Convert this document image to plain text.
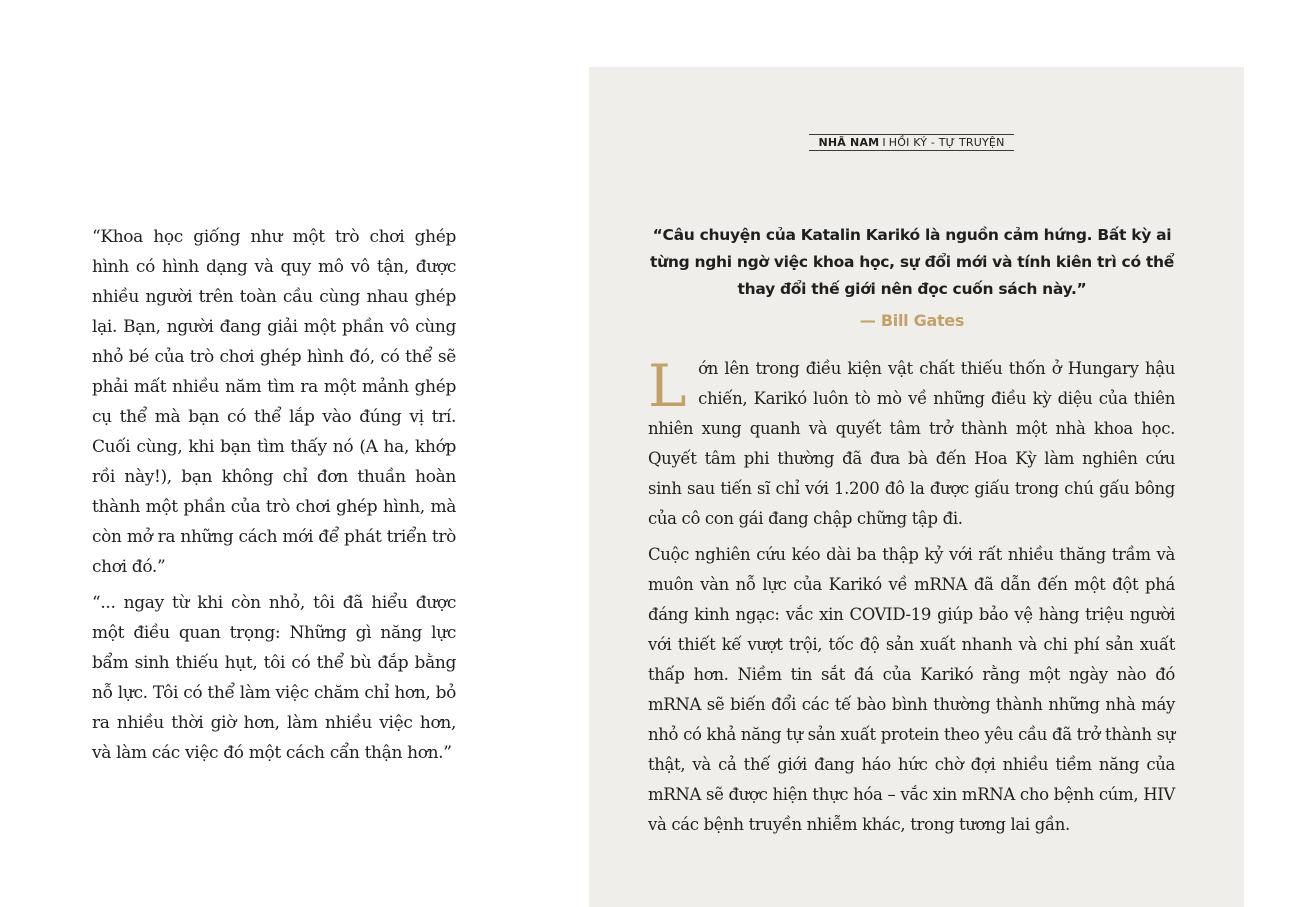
“Khoa học giống như một trò chơi ghép hình có hình dạng và quy mô vô tận, được nhiều người trên toàn cầu cùng nhau ghép lại. Bạn, người đang giải một phần vô cùng nhỏ bé của trò chơi ghép hình đó, có thể sẽ phải mất nhiều năm tìm ra một mảnh ghép cụ thể mà bạn có thể lắp vào đúng vị trí. Cuối cùng, khi bạn tìm thấy nó (A ha, khớp rồi này!), bạn không chỉ đơn thuần hoàn thành một phần của trò chơi ghép hình, mà còn mở ra những cách mới để phát triển trò chơi đó.”

“... ngay từ khi còn nhỏ, tôi đã hiểu được một điều quan trọng: Những gì năng lực bẩm sinh thiếu hụt, tôi có thể bù đắp bằng nỗ lực. Tôi có thể làm việc chăm chỉ hơn, bỏ ra nhiều thời giờ hơn, làm nhiều việc hơn, và làm các việc đó một cách cẩn thận hơn.”

NHÃ NAM I HỒI KÝ - TỰ TRUYỆN
“Câu chuyện của Katalin Karikó là nguồn cảm hứng. Bất kỳ ai từng nghi ngờ việc khoa học, sự đổi mới và tính kiên trì có thể thay đổi thế giới nên đọc cuốn sách này.”
— Bill Gates

Lớn lên trong điều kiện vật chất thiếu thốn ở Hungary hậu chiến, Karikó luôn tò mò về những điều kỳ diệu của thiên nhiên xung quanh và quyết tâm trở thành một nhà khoa học. Quyết tâm phi thường đã đưa bà đến Hoa Kỳ làm nghiên cứu sinh sau tiến sĩ chỉ với 1.200 đô la được giấu trong chú gấu bông của cô con gái đang chập chững tập đi.

Cuộc nghiên cứu kéo dài ba thập kỷ với rất nhiều thăng trầm và muôn vàn nỗ lực của Karikó về mRNA đã dẫn đến một đột phá đáng kinh ngạc: vắc xin COVID-19 giúp bảo vệ hàng triệu người với thiết kế vượt trội, tốc độ sản xuất nhanh và chi phí sản xuất thấp hơn. Niềm tin sắt đá của Karikó rằng một ngày nào đó mRNA sẽ biến đổi các tế bào bình thường thành những nhà máy nhỏ có khả năng tự sản xuất protein theo yêu cầu đã trở thành sự thật, và cả thế giới đang háo hức chờ đợi nhiều tiềm năng của mRNA sẽ được hiện thực hóa – vắc xin mRNA cho bệnh cúm, HIV và các bệnh truyền nhiễm khác, trong tương lai gần.
